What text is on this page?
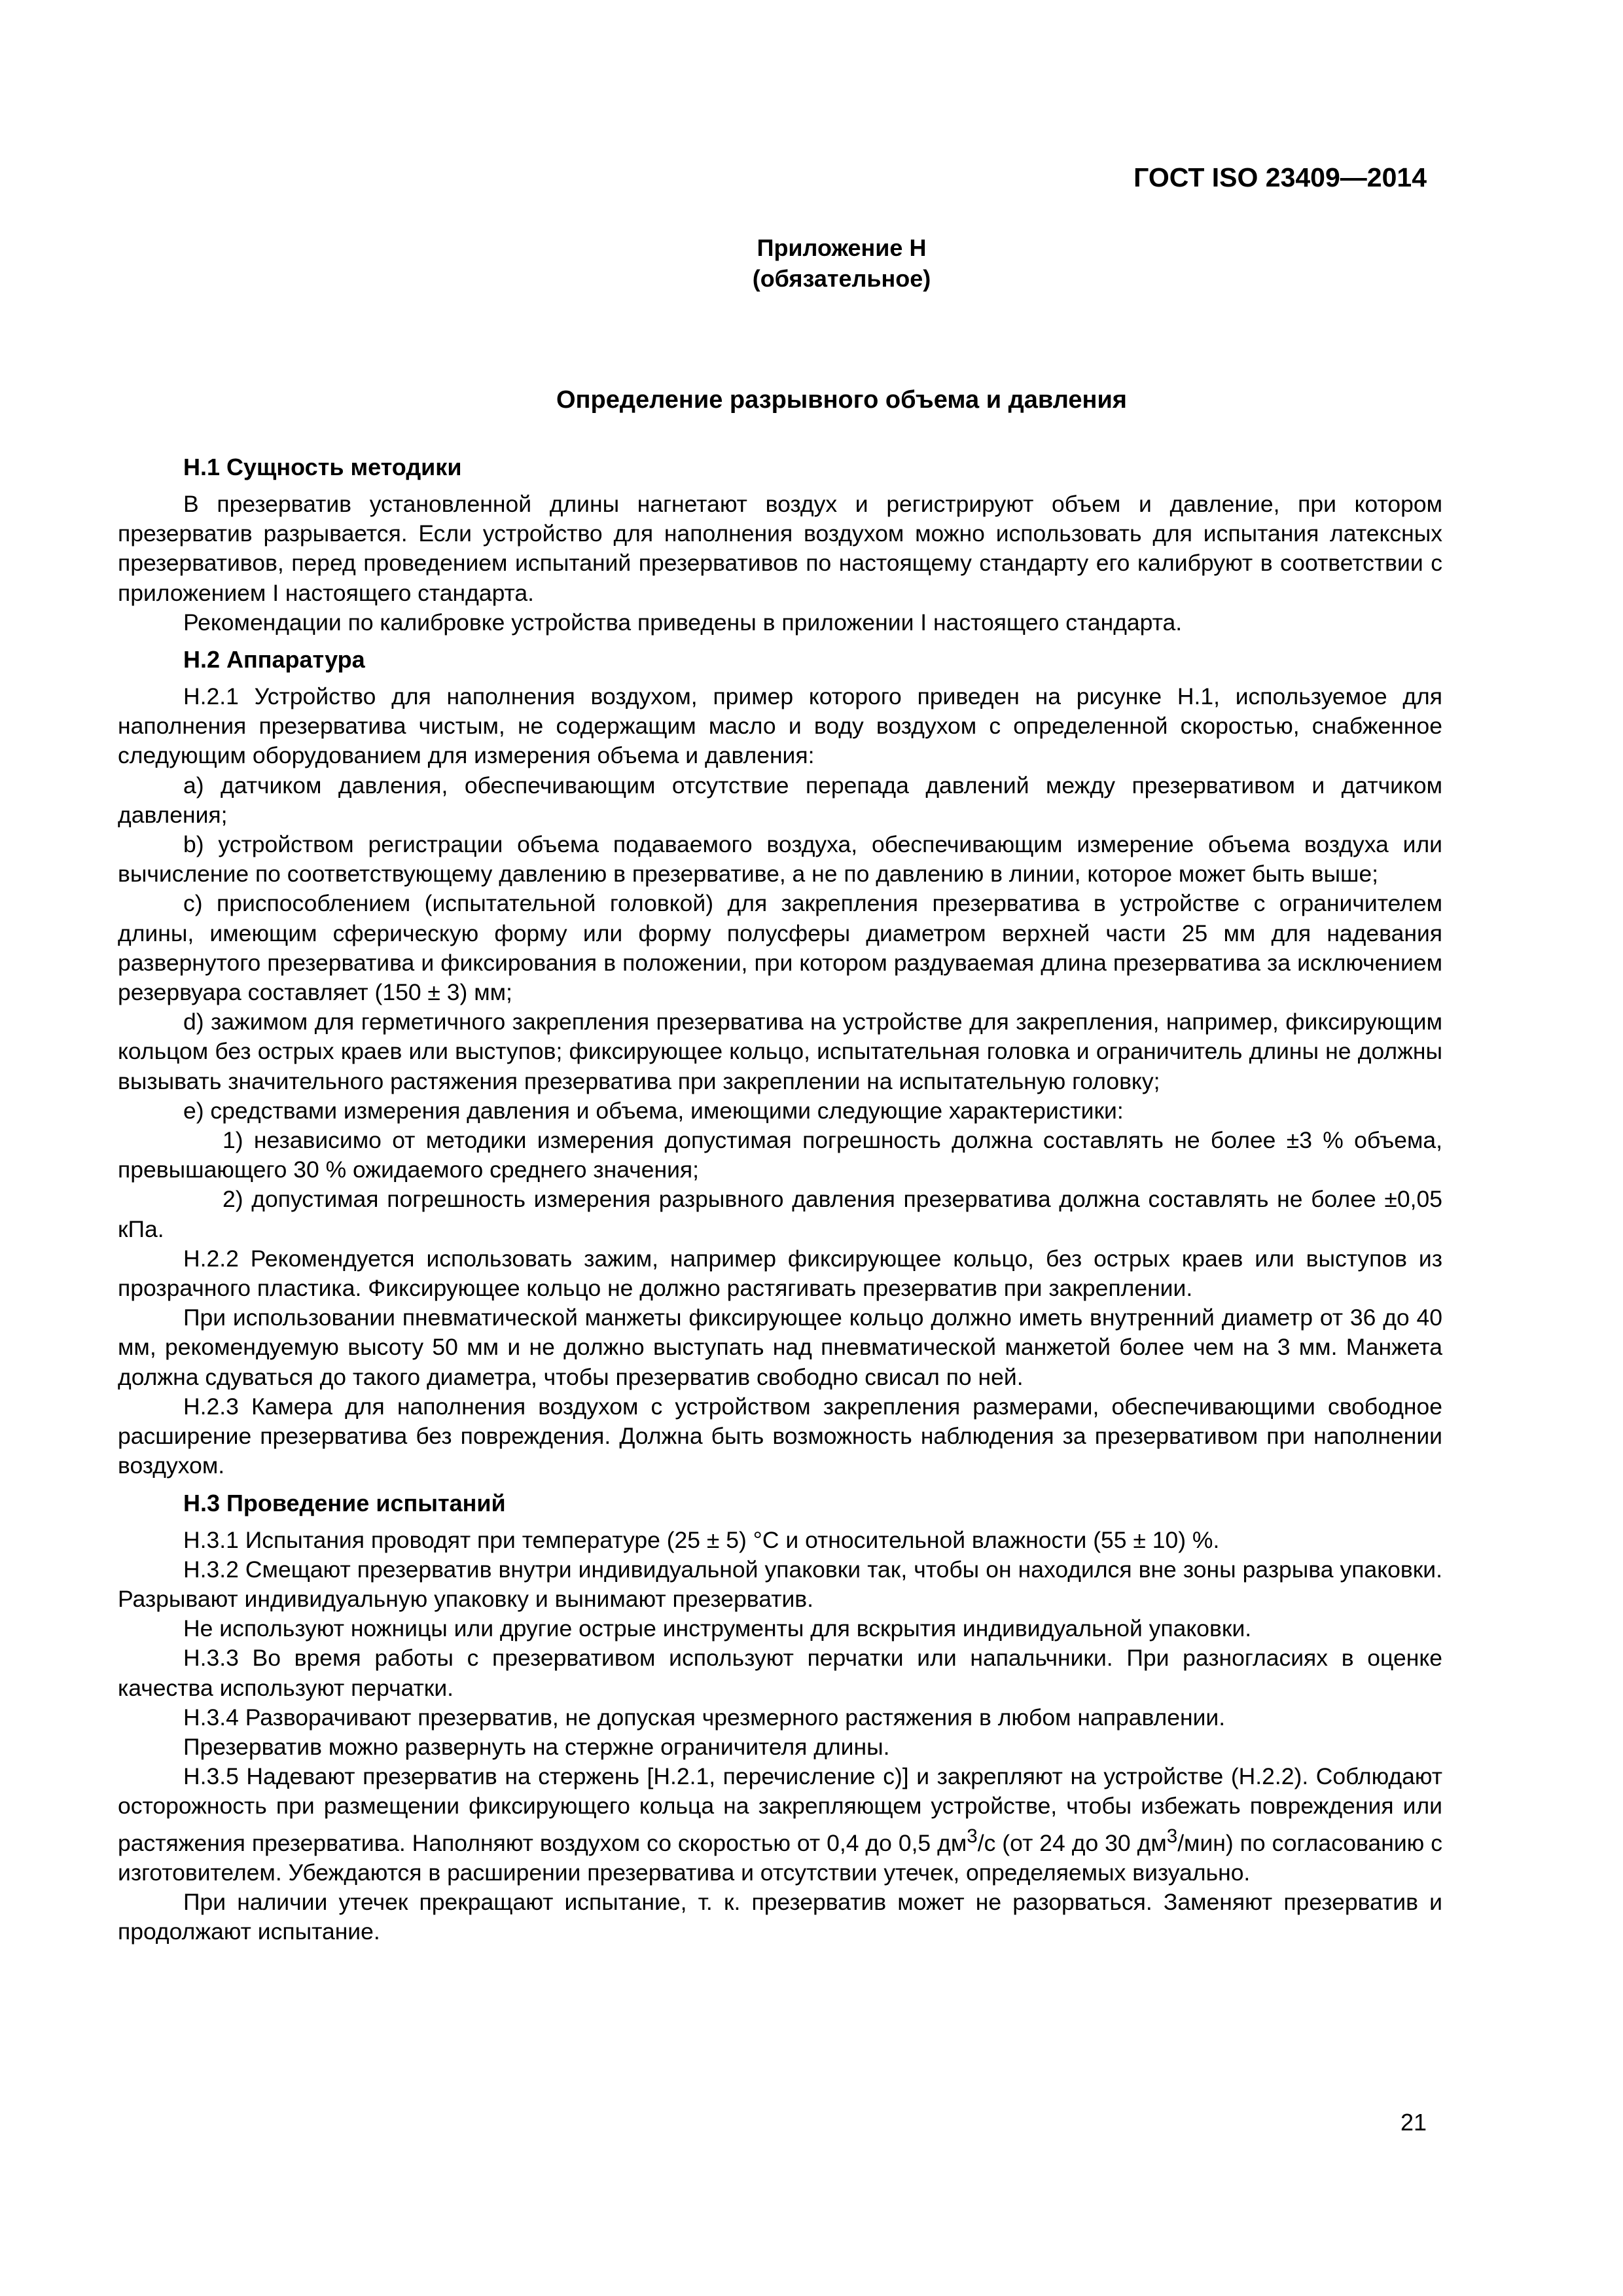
ГОСТ ISO 23409—2014
Приложение Н
(обязательное)
Определение разрывного объема и давления
Н.1 Сущность методики

В презерватив установленной длины нагнетают воздух и регистрируют объем и давление, при котором презерватив разрывается. Если устройство для наполнения воздухом можно использовать для испытания латексных презервативов, перед проведением испытаний презервативов по настоящему стандарту его калибруют в соответствии с приложением I настоящего стандарта.

Рекомендации по калибровке устройства приведены в приложении I настоящего стандарта.

Н.2 Аппаратура

Н.2.1 Устройство для наполнения воздухом, пример которого приведен на рисунке Н.1, используемое для наполнения презерватива чистым, не содержащим масло и воду воздухом с определенной скоростью, снабженное следующим оборудованием для измерения объема и давления:

a) датчиком давления, обеспечивающим отсутствие перепада давлений между презервативом и датчиком давления;

b) устройством регистрации объема подаваемого воздуха, обеспечивающим измерение объема воздуха или вычисление по соответствующему давлению в презервативе, а не по давлению в линии, которое может быть выше;

c) приспособлением (испытательной головкой) для закрепления презерватива в устройстве с ограничителем длины, имеющим сферическую форму или форму полусферы диаметром верхней части 25 мм для надевания развернутого презерватива и фиксирования в положении, при котором раздуваемая длина презерватива за исключением резервуара составляет (150 ± 3) мм;

d) зажимом для герметичного закрепления презерватива на устройстве для закрепления, например, фиксирующим кольцом без острых краев или выступов; фиксирующее кольцо, испытательная головка и ограничитель длины не должны вызывать значительного растяжения презерватива при закреплении на испытательную головку;

e) средствами измерения давления и объема, имеющими следующие характеристики:

1) независимо от методики измерения допустимая погрешность должна составлять не более ±3 % объема, превышающего 30 % ожидаемого среднего значения;

2) допустимая погрешность измерения разрывного давления презерватива должна составлять не более ±0,05 кПа.

Н.2.2 Рекомендуется использовать зажим, например фиксирующее кольцо, без острых краев или выступов из прозрачного пластика. Фиксирующее кольцо не должно растягивать презерватив при закреплении.

При использовании пневматической манжеты фиксирующее кольцо должно иметь внутренний диаметр от 36 до 40 мм, рекомендуемую высоту 50 мм и не должно выступать над пневматической манжетой более чем на 3 мм. Манжета должна сдуваться до такого диаметра, чтобы презерватив свободно свисал по ней.

Н.2.3 Камера для наполнения воздухом с устройством закрепления размерами, обеспечивающими свободное расширение презерватива без повреждения. Должна быть возможность наблюдения за презервативом при наполнении воздухом.

Н.3 Проведение испытаний

Н.3.1 Испытания проводят при температуре (25 ± 5) °С и относительной влажности (55 ± 10) %.

Н.3.2 Смещают презерватив внутри индивидуальной упаковки так, чтобы он находился вне зоны разрыва упаковки. Разрывают индивидуальную упаковку и вынимают презерватив.

Не используют ножницы или другие острые инструменты для вскрытия индивидуальной упаковки.

Н.3.3 Во время работы с презервативом используют перчатки или напальчники. При разногласиях в оценке качества используют перчатки.

Н.3.4 Разворачивают презерватив, не допуская чрезмерного растяжения в любом направлении.

Презерватив можно развернуть на стержне ограничителя длины.

Н.3.5 Надевают презерватив на стержень [Н.2.1, перечисление c)] и закрепляют на устройстве (Н.2.2). Соблюдают осторожность при размещении фиксирующего кольца на закрепляющем устройстве, чтобы избежать повреждения или растяжения презерватива. Наполняют воздухом со скоростью от 0,4 до 0,5 $дм^3/с$ (от 24 до 30 $дм^3/мин$) по согласованию с изготовителем. Убеждаются в расширении презерватива и отсутствии утечек, определяемых визуально.

При наличии утечек прекращают испытание, т. к. презерватив может не разорваться. Заменяют презерватив и продолжают испытание.

21
